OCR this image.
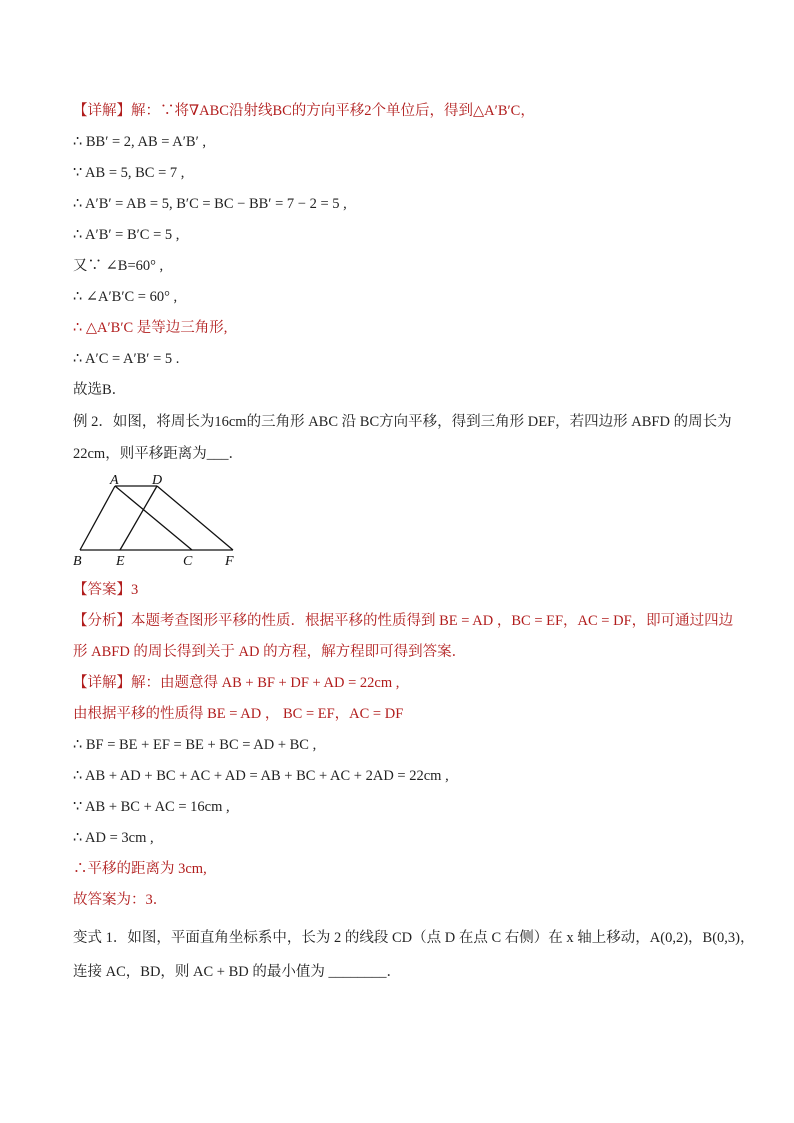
【详解】解：∵将∇ABC沿射线BC的方向平移2个单位后，得到△A′B′C，
∴ BB′ = 2, AB = A′B′ ,
∵ AB = 5, BC = 7 ,
∴ A′B′ = AB = 5, B′C = BC − BB′ = 7 − 2 = 5 ,
∴ A′B′ = B′C = 5 ,
又∵ ∠B=60° ,
∴ ∠A′B′C = 60° ,
∴ △A′B′C 是等边三角形,
∴ A′C = A′B′ = 5 .
故选B．
例 2．如图，将周长为16cm的三角形 ABC 沿 BC方向平移，得到三角形 DEF，若四边形 ABFD 的周长为
22cm，则平移距离为___．
A D
B E	C F
【答案】3
【分析】本题考查图形平移的性质．根据平移的性质得到 BE = AD ，BC = EF，AC = DF，即可通过四边
形 ABFD 的周长得到关于 AD 的方程，解方程即可得到答案．
【详解】解：由题意得 AB + BF + DF + AD = 22cm ,
由根据平移的性质得 BE = AD ， BC = EF，AC = DF
∴ BF = BE + EF = BE + BC = AD + BC ,
∴ AB + AD + BC + AC + AD = AB + BC + AC + 2AD = 22cm ,
∵ AB + BC + AC = 16cm ,
∴ AD = 3cm ,
∴平移的距离为 3cm,
故答案为：3．
变式 1．如图，平面直角坐标系中，长为 2 的线段 CD（点 D 在点 C 右侧）在 x 轴上移动，A(0,2)，B(0,3)，
连接 AC，BD，则 AC + BD 的最小值为 ________．
